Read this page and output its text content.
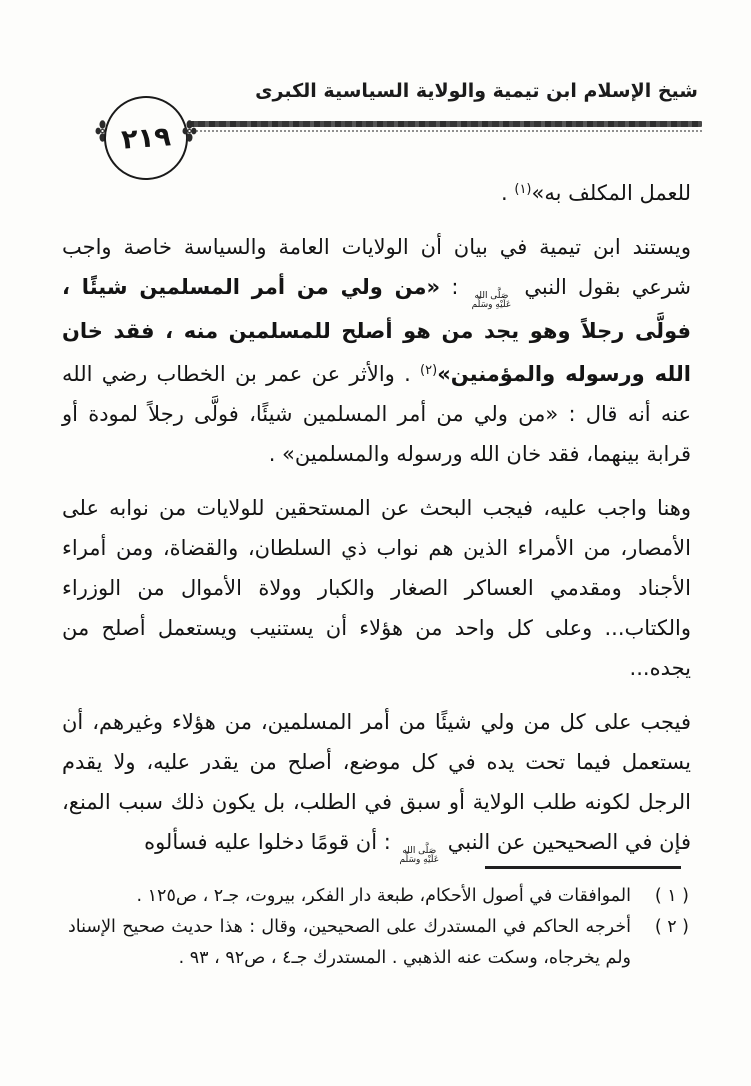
شيخ الإسلام ابن تيمية والولاية السياسية الكبرى
٢١٩

للعمل المكلف به»$^{(١)}$ .

ويستند ابن تيمية في بيان أن الولايات العامة والسياسة خاصة واجب شرعي بقول النبي
صَلَّى الله
عَلَيْهِ وسَلَّم
: «من ولي من أمر المسلمين شيئًا ، فولَّى رجلاً وهو يجد من هو أصلح للمسلمين منه ، فقد خان الله ورسوله والمؤمنين»$^{(٢)}$ . والأثر عن عمر بن الخطاب رضي الله عنه أنه قال : «من ولي من أمر المسلمين شيئًا، فولَّى رجلاً لمودة أو قرابة بينهما، فقد خان الله ورسوله والمسلمين» .

وهنا واجب عليه، فيجب البحث عن المستحقين للولايات من نوابه على الأمصار، من الأمراء الذين هم نواب ذي السلطان، والقضاة، ومن أمراء الأجناد ومقدمي العساكر الصغار والكبار وولاة الأموال من الوزراء والكتاب... وعلى كل واحد من هؤلاء أن يستنيب ويستعمل أصلح من يجده...

فيجب على كل من ولي شيئًا من أمر المسلمين، من هؤلاء وغيرهم، أن يستعمل فيما تحت يده في كل موضع، أصلح من يقدر عليه، ولا يقدم الرجل لكونه طلب الولاية أو سبق في الطلب، بل يكون ذلك سبب المنع، فإن في الصحيحين عن النبي
صَلَّى الله
عَلَيْهِ وسَلَّم
: أن قومًا دخلوا عليه فسألوه

( ١ )
الموافقات في أصول الأحكام، طبعة دار الفكر، بيروت، جـ٢ ، ص١٢٥ .
( ٢ )
أخرجه الحاكم في المستدرك على الصحيحين، وقال : هذا حديث صحيح الإسناد ولم يخرجاه، وسكت عنه الذهبي . المستدرك جـ٤ ، ص٩٢ ، ٩٣ .
